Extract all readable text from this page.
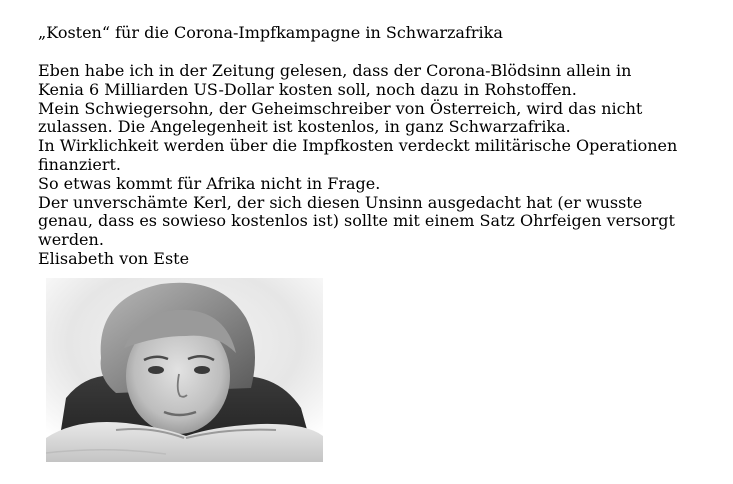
„Kosten“ für die Corona-Impfkampagne in Schwarzafrika

Eben habe ich in der Zeitung gelesen, dass der Corona-Blödsinn allein in
Kenia 6 Milliarden US-Dollar kosten soll, noch dazu in Rohstoffen.

Mein Schwiegersohn, der Geheimschreiber von Österreich, wird das nicht
zulassen. Die Angelegenheit ist kostenlos, in ganz Schwarzafrika.

In Wirklichkeit werden über die Impfkosten verdeckt militärische Operationen
finanziert.

So etwas kommt für Afrika nicht in Frage.

Der unverschämte Kerl, der sich diesen Unsinn ausgedacht hat (er wusste
genau, dass es sowieso kostenlos ist) sollte mit einem Satz Ohrfeigen versorgt
werden.

Elisabeth von Este
